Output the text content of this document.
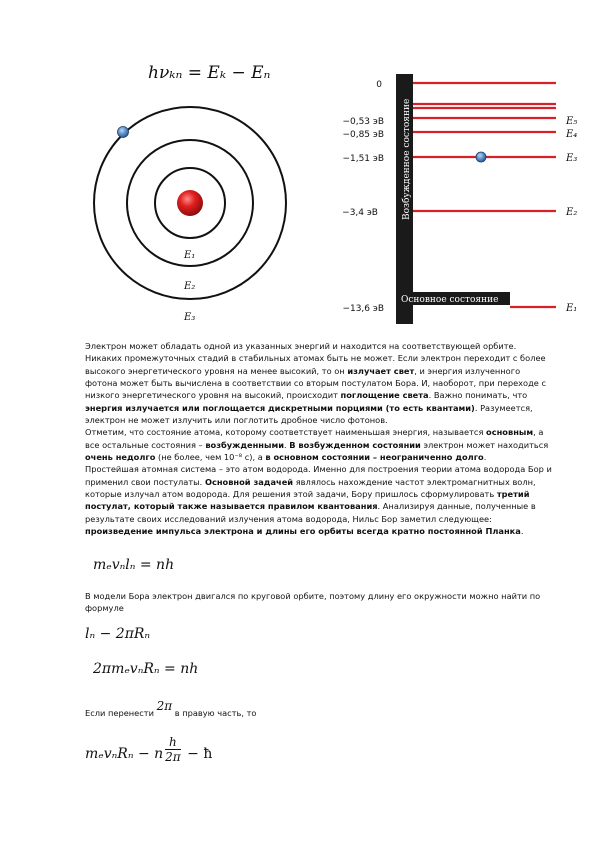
hνₖₙ = Eₖ − Eₙ
E₁
E₂
E₃
Возбужденное состояние
Основное состояние
0
−0,53 эВ
−0,85 эВ
−1,51 эВ
−3,4 эВ
−13,6 эВ
E₅
E₄
E₃
E₂
E₁

Электрон может обладать одной из указанных энергий и находится на соответствующей орбите. Никаких промежуточных стадий в стабильных атомах быть не может. Если электрон переходит с более высокого энергетического уровня на менее высокий, то он излучает свет, и энергия излученного фотона может быть вычислена в соответствии со вторым постулатом Бора. И, наоборот, при переходе с низкого энергетического уровня на высокий, происходит поглощение света. Важно понимать, что энергия излучается или поглощается дискретными порциями (то есть квантами). Разумеется, электрон не может излучить или поглотить дробное число фотонов.

Отметим, что состояние атома, которому соответствует наименьшая энергия, называется основным, а все остальные состояния – возбужденными. В возбужденном состоянии электрон может находиться очень недолго (не более, чем 10⁻⁸ с), а в основном состоянии – неограниченно долго.

Простейшая атомная система – это атом водорода. Именно для построения теории атома водорода Бор и применил свои постулаты. Основной задачей являлось нахождение частот электромагнитных волн, которые излучал атом водорода. Для решения этой задачи, Бору пришлось сформулировать третий постулат, который также называется правилом квантования. Анализируя данные, полученные в результате своих исследований излучения атома водорода, Нильс Бор заметил следующее: произведение импульса электрона и длины его орбиты всегда кратно постоянной Планка.

mₑvₙlₙ = nh
В модели Бора электрон двигался по круговой орбите, поэтому длину его окружности можно найти по формуле
lₙ − 2πRₙ
2πmₑvₙRₙ = nh
Если перенести 2π в правую часть, то
mₑvₙRₙ − n $\frac{h}{2\pi}$ − ħ
